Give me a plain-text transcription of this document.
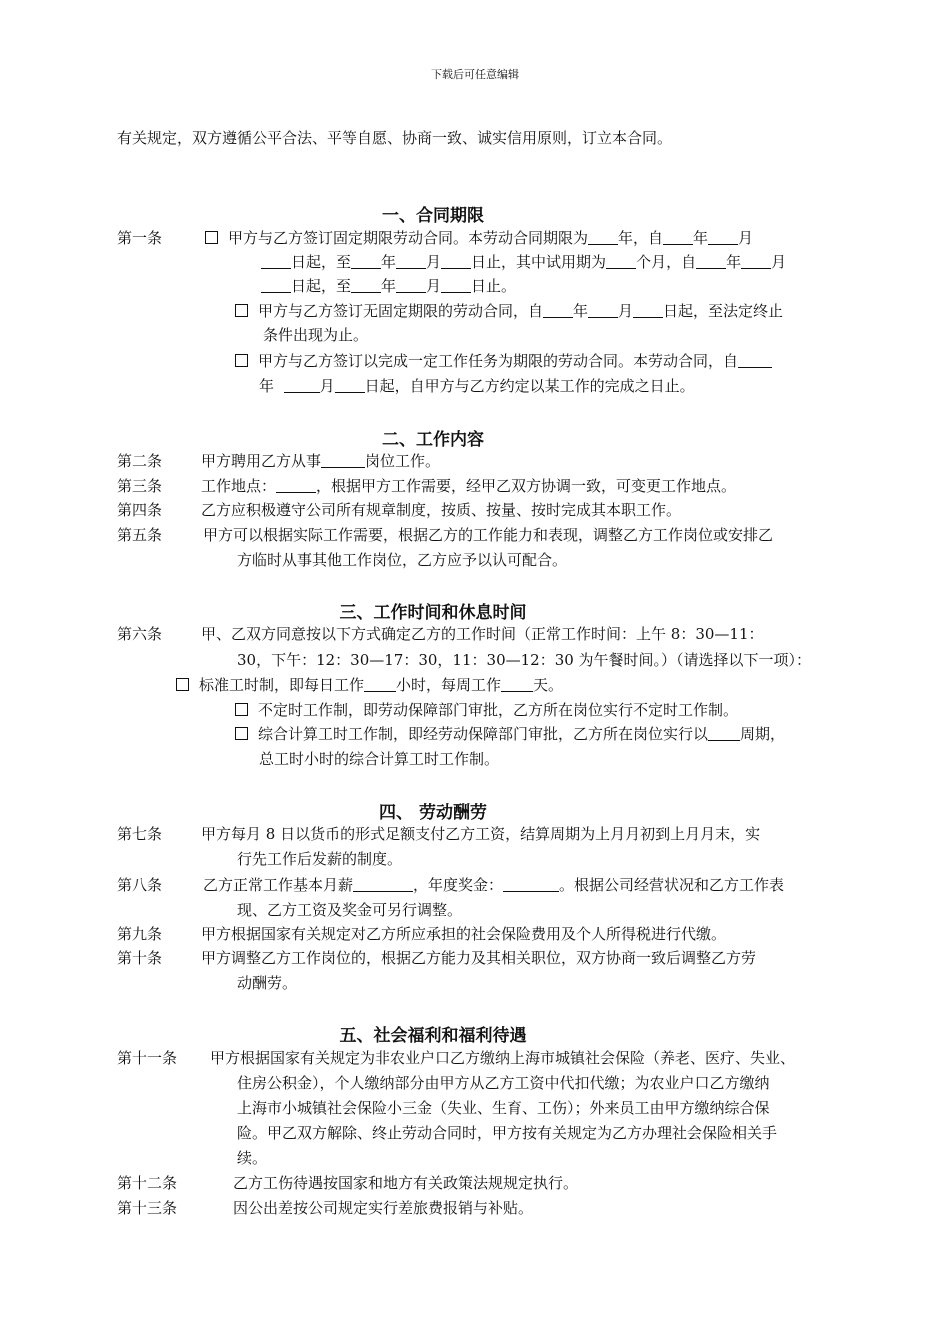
下载后可任意编辑
有关规定，双方遵循公平合法、平等自愿、协商一致、诚实信用原则，订立本合同。
一、合同期限
第一条	甲方与乙方签订固定期限劳动合同。本劳动合同期限为 年，自 年 月
日起，至 年 月 日止，其中试用期为 个月，自 年 月
日起，至 年 月 日止。
甲方与乙方签订无固定期限的劳动合同，自 年 月 日起，至法定终止
条件出现为止。
甲方与乙方签订以完成一定工作任务为期限的劳动合同。本劳动合同，自
年	月 日起，自甲方与乙方约定以某工作的完成之日止。
二、工作内容
第二条	甲方聘用乙方从事	岗位工作。
第三条	工作地点：	，根据甲方工作需要，经甲乙双方协调一致，可变更工作地点。
第四条	乙方应积极遵守公司所有规章制度，按质、按量、按时完成其本职工作。
第五条	甲方可以根据实际工作需要，根据乙方的工作能力和表现，调整乙方工作岗位或安排乙
方临时从事其他工作岗位，乙方应予以认可配合。
三、工作时间和休息时间
第六条	甲、乙双方同意按以下方式确定乙方的工作时间（正常工作时间：上午 8：30—11：
30，下午：12：30—17：30，11：30—12：30 为午餐时间。）（请选择以下一项）：
标准工时制，即每日工作 小时，每周工作 天。
不定时工作制，即劳动保障部门审批，乙方所在岗位实行不定时工作制。
综合计算工时工作制，即经劳动保障部门审批，乙方所在岗位实行以 周期，
总工时小时的综合计算工时工作制。
四、 劳动酬劳
第七条	甲方每月 8 日以货币的形式足额支付乙方工资，结算周期为上月月初到上月月末，实
行先工作后发薪的制度。
第八条	乙方正常工作基本月薪	，年度奖金：	。根据公司经营状况和乙方工作表
现、乙方工资及奖金可另行调整。
第九条	甲方根据国家有关规定对乙方所应承担的社会保险费用及个人所得税进行代缴。
第十条	甲方调整乙方工作岗位的，根据乙方能力及其相关职位，双方协商一致后调整乙方劳
动酬劳。
五、社会福利和福利待遇
第十一条 甲方根据国家有关规定为非农业户口乙方缴纳上海市城镇社会保险（养老、医疗、失业、
住房公积金），个人缴纳部分由甲方从乙方工资中代扣代缴；为农业户口乙方缴纳
上海市小城镇社会保险小三金（失业、生育、工伤）；外来员工由甲方缴纳综合保
险。甲乙双方解除、终止劳动合同时，甲方按有关规定为乙方办理社会保险相关手
续。
第十二条	乙方工伤待遇按国家和地方有关政策法规规定执行。
第十三条	因公出差按公司规定实行差旅费报销与补贴。
